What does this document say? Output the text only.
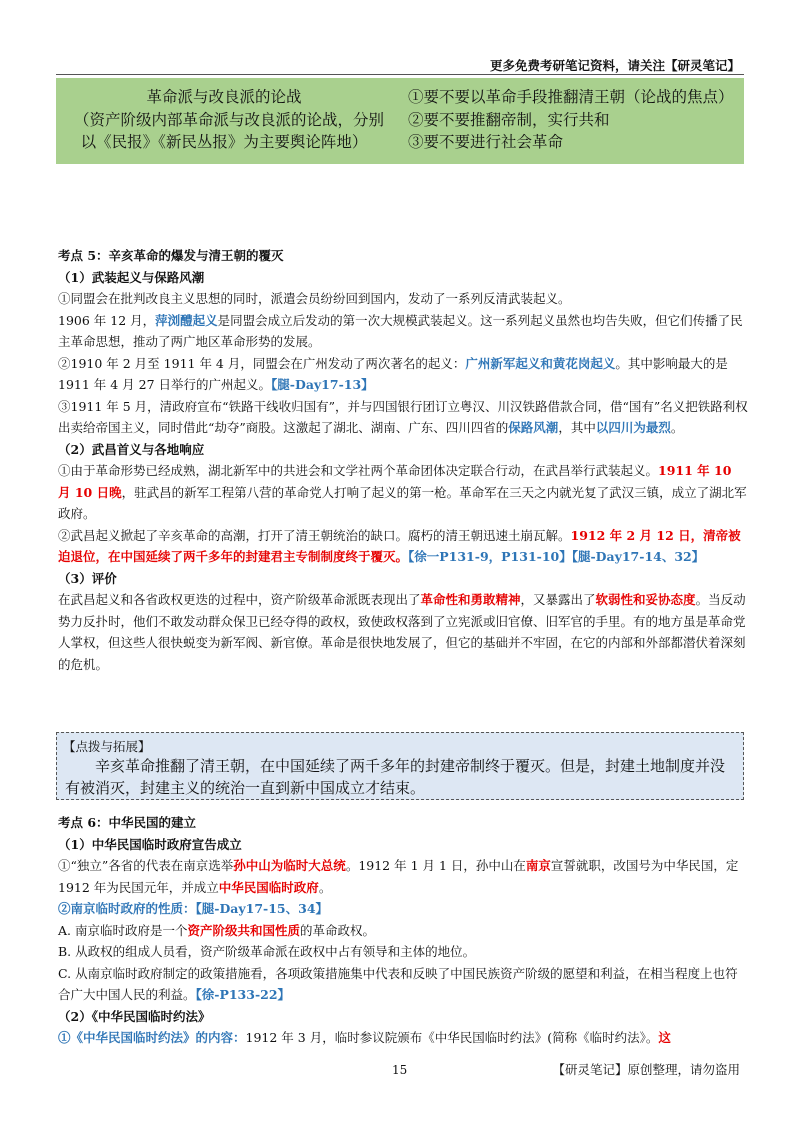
更多免费考研笔记资料，请关注【研灵笔记】
革命派与改良派的论战
（资产阶级内部革命派与改良派的论战，分别
以《民报》《新民丛报》为主要舆论阵地）
①要不要以革命手段推翻清王朝（论战的焦点）
②要不要推翻帝制，实行共和
③要不要进行社会革命

考点 5：辛亥革命的爆发与清王朝的覆灭

（1）武装起义与保路风潮

①同盟会在批判改良主义思想的同时，派遣会员纷纷回到国内，发动了一系列反清武装起义。

1906 年 12 月，萍浏醴起义是同盟会成立后发动的第一次大规模武装起义。这一系列起义虽然也均告失败，但它们传播了民主革命思想，推动了两广地区革命形势的发展。

②1910 年 2 月至 1911 年 4 月，同盟会在广州发动了两次著名的起义：广州新军起义和黄花岗起义。其中影响最大的是 1911 年 4 月 27 日举行的广州起义。【腿-Day17-13】

③1911 年 5 月，清政府宣布“铁路干线收归国有”，并与四国银行团订立粤汉、川汉铁路借款合同，借“国有”名义把铁路利权出卖给帝国主义，同时借此“劫夺”商股。这激起了湖北、湖南、广东、四川四省的保路风潮，其中以四川为最烈。

（2）武昌首义与各地响应

①由于革命形势已经成熟，湖北新军中的共进会和文学社两个革命团体决定联合行动，在武昌举行武装起义。1911 年 10 月 10 日晚，驻武昌的新军工程第八营的革命党人打响了起义的第一枪。革命军在三天之内就光复了武汉三镇，成立了湖北军政府。

②武昌起义掀起了辛亥革命的高潮，打开了清王朝统治的缺口。腐朽的清王朝迅速土崩瓦解。1912 年 2 月 12 日，清帝被迫退位，在中国延续了两千多年的封建君主专制制度终于覆灭。【徐一P131-9，P131-10】【腿-Day17-14、32】

（3）评价

在武昌起义和各省政权更迭的过程中，资产阶级革命派既表现出了革命性和勇敢精神，又暴露出了软弱性和妥协态度。当反动势力反扑时，他们不敢发动群众保卫已经夺得的政权，致使政权落到了立宪派或旧官僚、旧军官的手里。有的地方虽是革命党人掌权，但这些人很快蜕变为新军阀、新官僚。革命是很快地发展了，但它的基础并不牢固，在它的内部和外部都潜伏着深刻的危机。

【点拨与拓展】
辛亥革命推翻了清王朝，在中国延续了两千多年的封建帝制终于覆灭。但是，封建土地制度并没有被消灭，封建主义的统治一直到新中国成立才结束。

考点 6：中华民国的建立

（1）中华民国临时政府宣告成立

①“独立”各省的代表在南京选举孙中山为临时大总统。1912 年 1 月 1 日，孙中山在南京宣誓就职，改国号为中华民国，定 1912 年为民国元年，并成立中华民国临时政府。

②南京临时政府的性质：【腿-Day17-15、34】

A. 南京临时政府是一个资产阶级共和国性质的革命政权。

B. 从政权的组成人员看，资产阶级革命派在政权中占有领导和主体的地位。

C. 从南京临时政府制定的政策措施看，各项政策措施集中代表和反映了中国民族资产阶级的愿望和利益，在相当程度上也符合广大中国人民的利益。【徐-P133-22】

（2）《中华民国临时约法》

①《中华民国临时约法》的内容：1912 年 3 月，临时参议院颁布《中华民国临时约法》(简称《临时约法》。这

15	【研灵笔记】原创整理，请勿盗用
